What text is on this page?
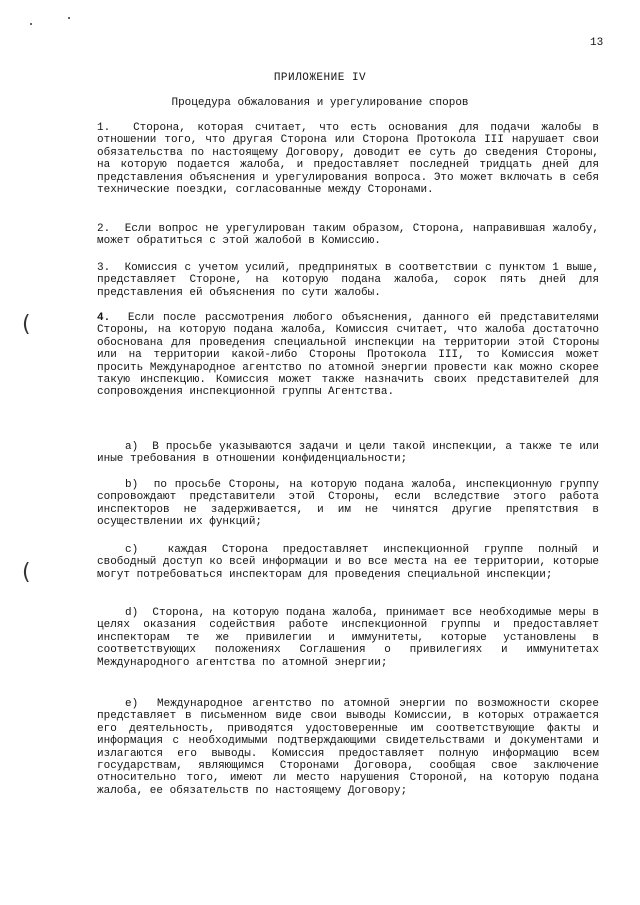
13
ПРИЛОЖЕНИЕ IV
Процедура обжалования и урегулирование споров

1. Сторона, которая считает, что есть основания для подачи жалобы в отношении того, что другая Сторона или Сторона Протокола III нарушает свои обязательства по настоящему Договору, доводит ее суть до сведения Стороны, на которую подается жалоба, и предоставляет последней тридцать дней для представления объяснения и урегулирования вопроса. Это может включать в себя технические поездки, согласованные между Сторонами.

2. Если вопрос не урегулирован таким образом, Сторона, направившая жалобу, может обратиться с этой жалобой в Комиссию.

3. Комиссия с учетом усилий, предпринятых в соответствии с пунктом 1 выше, представляет Стороне, на которую подана жалоба, сорок пять дней для представления ей объяснения по сути жалобы.

4. Если после рассмотрения любого объяснения, данного ей представителями Стороны, на которую подана жалоба, Комиссия считает, что жалоба достаточно обоснована для проведения специальной инспекции на территории этой Стороны или на территории какой-либо Стороны Протокола III, то Комиссия может просить Международное агентство по атомной энергии провести как можно скорее такую инспекцию. Комиссия может также назначить своих представителей для сопровождения инспекционной группы Агентства.

a) В просьбе указываются задачи и цели такой инспекции, а также те или иные требования в отношении конфиденциальности;

b) по просьбе Стороны, на которую подана жалоба, инспекционную группу сопровождают представители этой Стороны, если вследствие этого работа инспекторов не задерживается, и им не чинятся другие препятствия в осуществлении их функций;

c)	каждая Сторона предоставляет инспекционной группе полный и свободный доступ ко всей информации и во все места на ее территории, которые могут потребоваться инспекторам для проведения специальной инспекции;

d) Сторона, на которую подана жалоба, принимает все необходимые меры в целях оказания содействия работе инспекционной группы и предоставляет инспекторам те же привилегии и иммунитеты, которые установлены в соответствующих положениях Соглашения о привилегиях и иммунитетах Международного агентства по атомной энергии;

e) Международное агентство по атомной энергии по возможности скорее представляет в письменном виде свои выводы Комиссии, в которых отражается его деятельность, приводятся удостоверенные им соответствующие факты и информация с необходимыми подтверждающими свидетельствами и документами и излагаются его выводы. Комиссия предоставляет полную информацию всем государствам, являющимся Сторонами Договора, сообщая свое заключение относительно того, имеют ли место нарушения Стороной, на которую подана жалоба, ее обязательств по настоящему Договору;

(
(
